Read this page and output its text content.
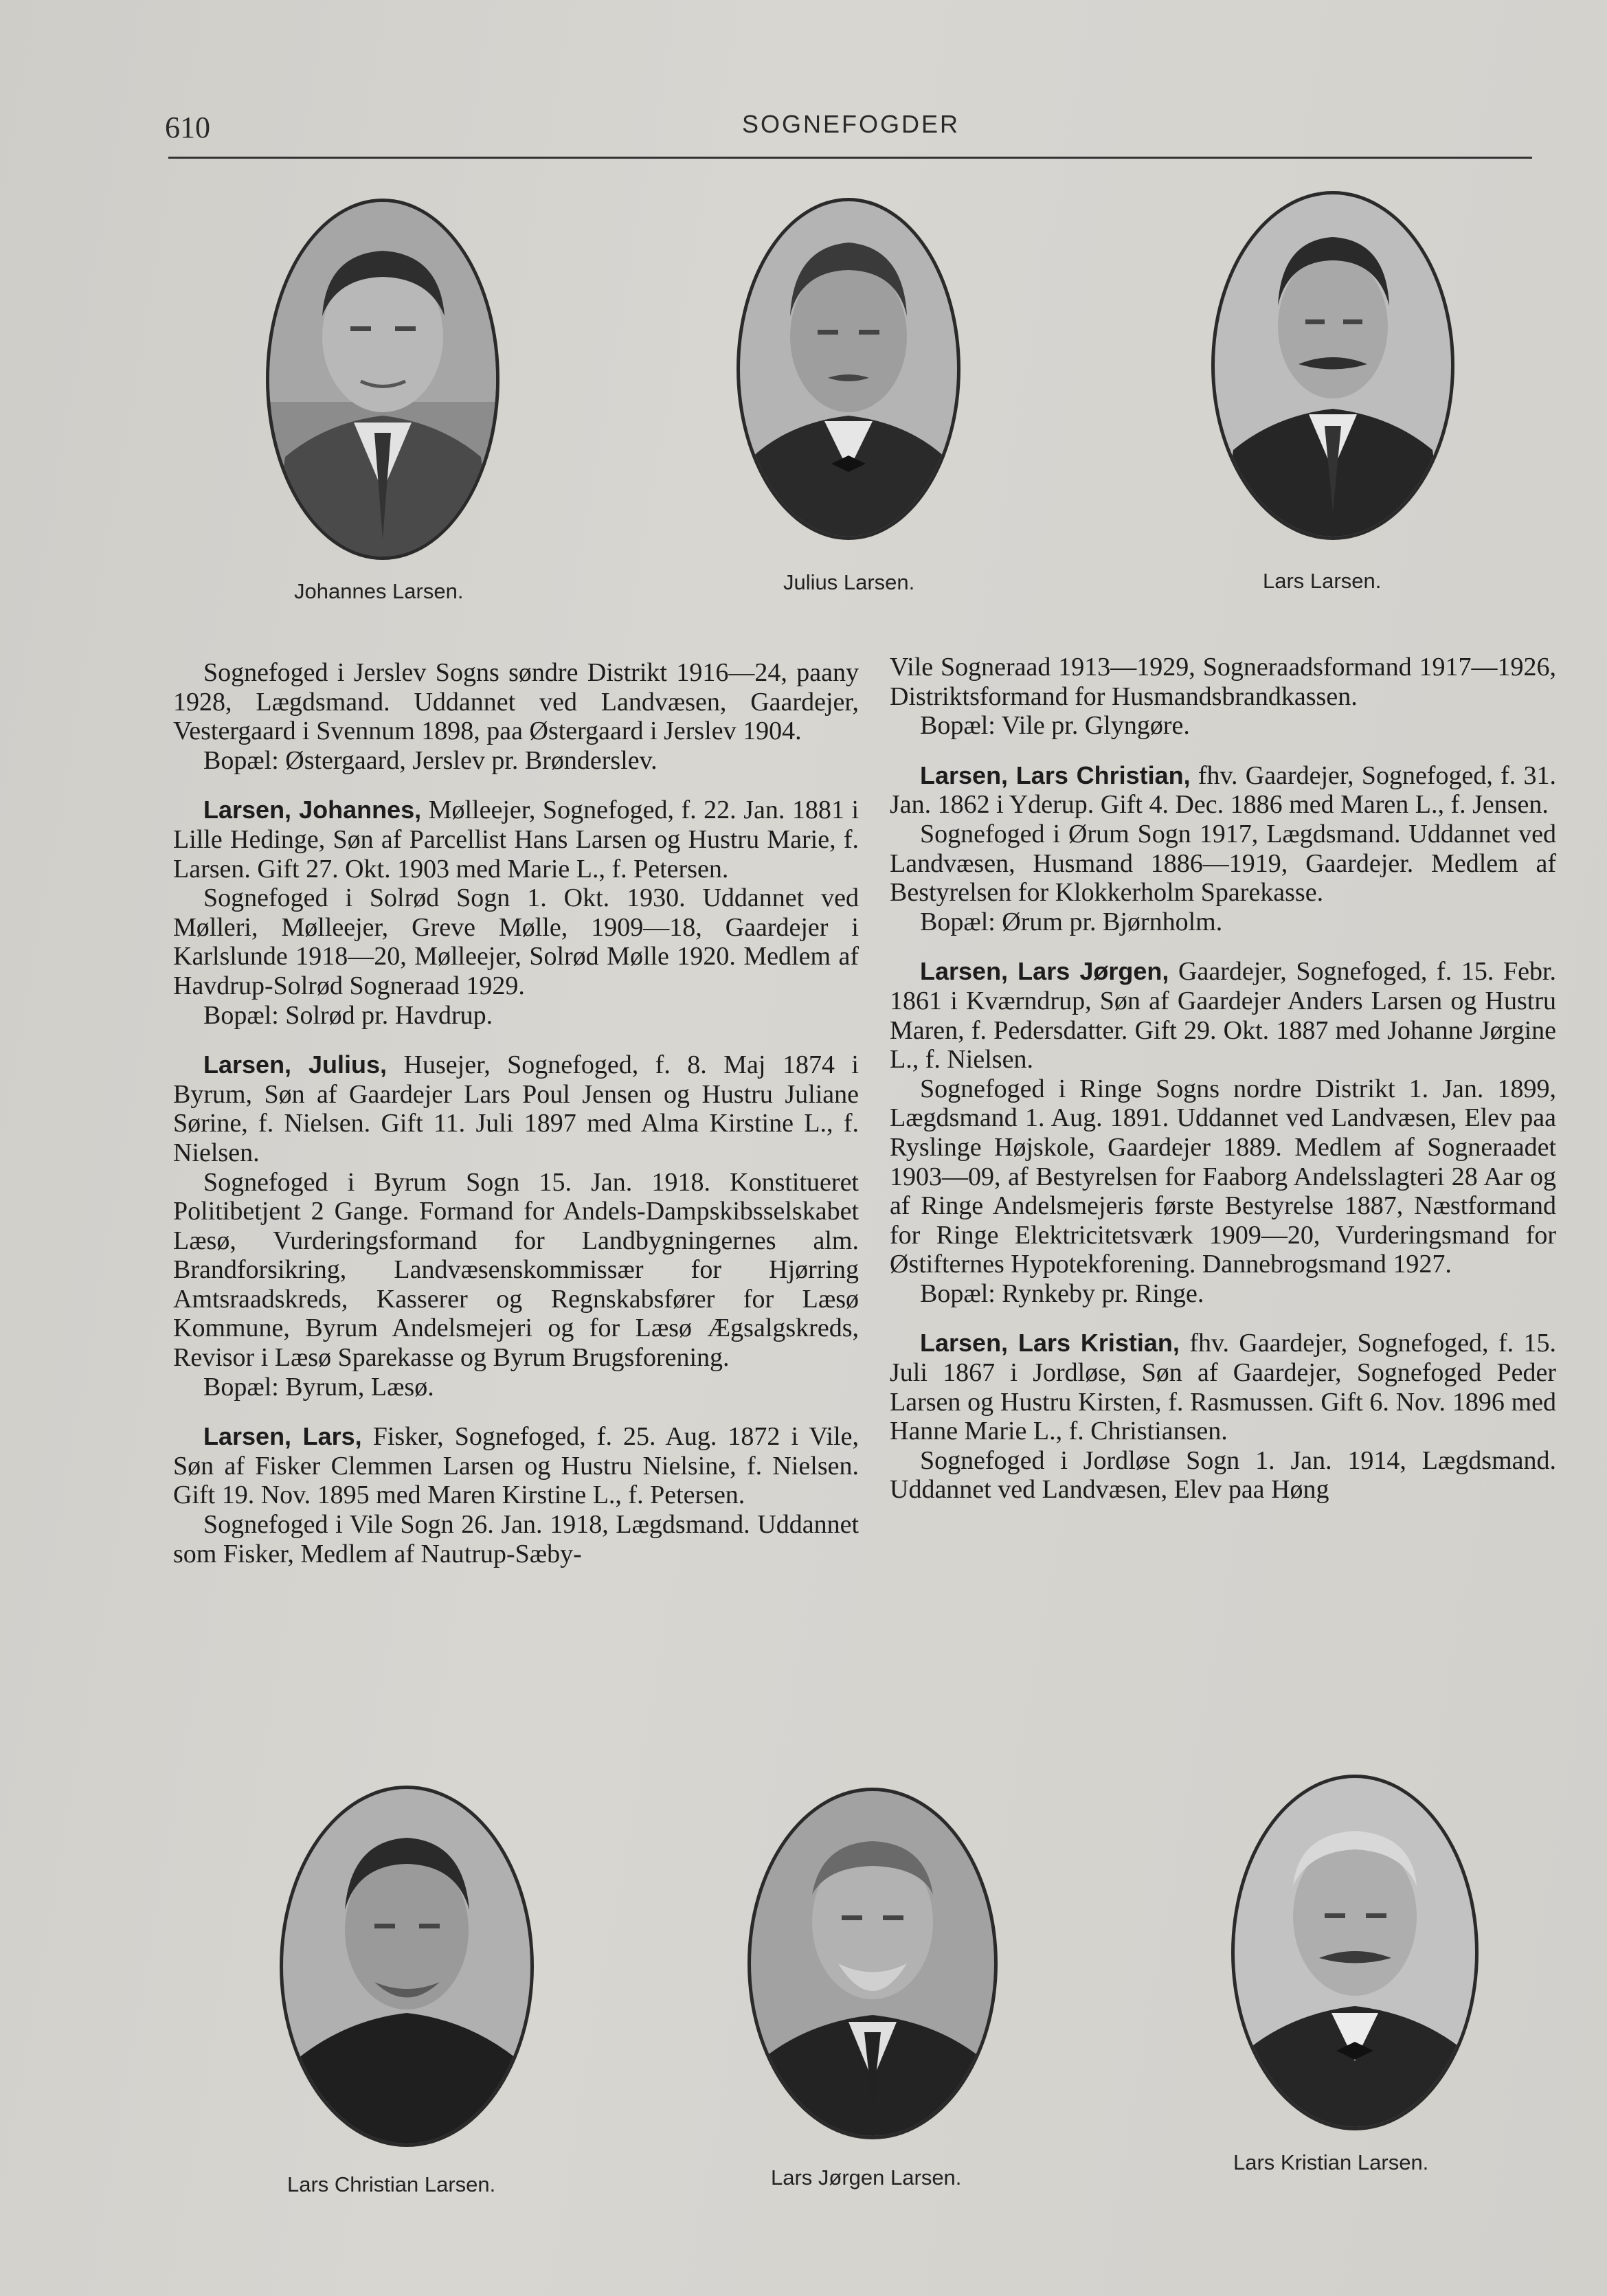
610	SOGNEFOGDER
Johannes Larsen.	Julius Larsen.	Lars Larsen.

Sognefoged i Jerslev Sogns søndre Distrikt 1916—24, paany 1928, Lægdsmand. Uddannet ved Landvæsen, Gaardejer, Vestergaard i Svennum 1898, paa Østergaard i Jerslev 1904.

Bopæl: Østergaard, Jerslev pr. Brønderslev.

Larsen, Johannes, Mølleejer, Sognefoged, f. 22. Jan. 1881 i Lille Hedinge, Søn af Parcellist Hans Larsen og Hustru Marie, f. Larsen. Gift 27. Okt. 1903 med Marie L., f. Petersen.

Sognefoged i Solrød Sogn 1. Okt. 1930. Uddannet ved Mølleri, Mølleejer, Greve Mølle, 1909—18, Gaardejer i Karlslunde 1918—20, Mølleejer, Solrød Mølle 1920. Medlem af Havdrup-Solrød Sogneraad 1929.

Bopæl: Solrød pr. Havdrup.

Larsen, Julius, Husejer, Sognefoged, f. 8. Maj 1874 i Byrum, Søn af Gaardejer Lars Poul Jensen og Hustru Juliane Sørine, f. Nielsen. Gift 11. Juli 1897 med Alma Kirstine L., f. Nielsen.

Sognefoged i Byrum Sogn 15. Jan. 1918. Konstitueret Politibetjent 2 Gange. Formand for Andels-Dampskibsselskabet Læsø, Vurderingsformand for Landbygningernes alm. Brandforsikring, Landvæsenskommissær for Hjørring Amtsraadskreds, Kasserer og Regnskabsfører for Læsø Kommune, Byrum Andelsmejeri og for Læsø Ægsalgskreds, Revisor i Læsø Sparekasse og Byrum Brugsforening.

Bopæl: Byrum, Læsø.

Larsen, Lars, Fisker, Sognefoged, f. 25. Aug. 1872 i Vile, Søn af Fisker Clemmen Larsen og Hustru Nielsine, f. Nielsen. Gift 19. Nov. 1895 med Maren Kirstine L., f. Petersen.

Sognefoged i Vile Sogn 26. Jan. 1918, Lægdsmand. Uddannet som Fisker, Medlem af Nautrup-Sæby-

Vile Sogneraad 1913—1929, Sogneraadsformand 1917—1926, Distriktsformand for Husmandsbrandkassen.

Bopæl: Vile pr. Glyngøre.

Larsen, Lars Christian, fhv. Gaardejer, Sognefoged, f. 31. Jan. 1862 i Yderup. Gift 4. Dec. 1886 med Maren L., f. Jensen.

Sognefoged i Ørum Sogn 1917, Lægdsmand. Uddannet ved Landvæsen, Husmand 1886—1919, Gaardejer. Medlem af Bestyrelsen for Klokkerholm Sparekasse.

Bopæl: Ørum pr. Bjørnholm.

Larsen, Lars Jørgen, Gaardejer, Sognefoged, f. 15. Febr. 1861 i Kværndrup, Søn af Gaardejer Anders Larsen og Hustru Maren, f. Pedersdatter. Gift 29. Okt. 1887 med Johanne Jørgine L., f. Nielsen.

Sognefoged i Ringe Sogns nordre Distrikt 1. Jan. 1899, Lægdsmand 1. Aug. 1891. Uddannet ved Landvæsen, Elev paa Ryslinge Højskole, Gaardejer 1889. Medlem af Sogneraadet 1903—09, af Bestyrelsen for Faaborg Andelsslagteri 28 Aar og af Ringe Andelsmejeris første Bestyrelse 1887, Næstformand for Ringe Elektricitetsværk 1909—20, Vurderingsmand for Østifternes Hypotekforening. Dannebrogsmand 1927.

Bopæl: Rynkeby pr. Ringe.

Larsen, Lars Kristian, fhv. Gaardejer, Sognefoged, f. 15. Juli 1867 i Jordløse, Søn af Gaardejer, Sognefoged Peder Larsen og Hustru Kirsten, f. Rasmussen. Gift 6. Nov. 1896 med Hanne Marie L., f. Christiansen.

Sognefoged i Jordløse Sogn 1. Jan. 1914, Lægdsmand. Uddannet ved Landvæsen, Elev paa Høng

Lars Christian Larsen.	Lars Jørgen Larsen.
Lars Kristian Larsen.
